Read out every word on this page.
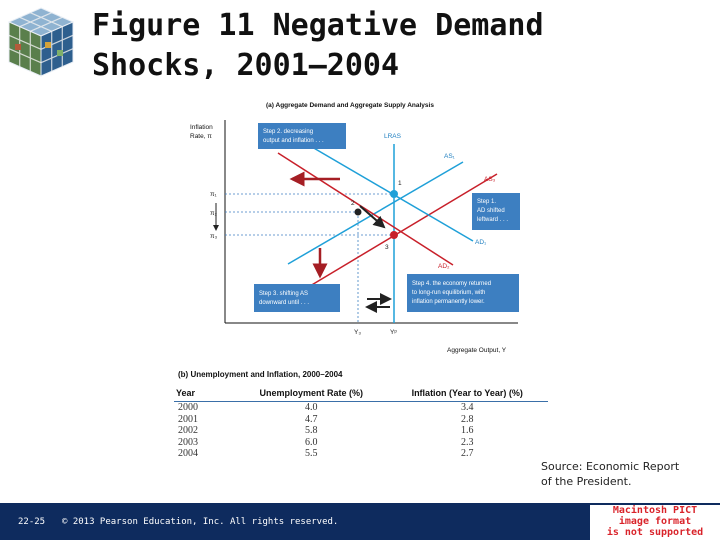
Figure 11 Negative Demand
Shocks, 2001–2004
(a) Aggregate Demand and Aggregate Supply Analysis
Inflation
Rate, π
Aggregate Output, Y
π₁
π₂
π₃
Y₃	Yᵖ
LRAS
AS₁
AS₃
AD₁
AD₂
1
2
3
Step 2. decreasing
output and inflation . . .
Step 1.
AD shifted
leftward . . .
Step 3. shifting AS
downward until . . .
Step 4. the economy returned
to long-run equilibrium, with
inflation permanently lower.
(b) Unemployment and Inflation, 2000–2004
Year	Unemployment Rate (%)	Inflation (Year to Year) (%)
2000	4.0	3.4
2001	4.7	2.8
2002	5.8	1.6
2003	6.0	2.3
2004	5.5	2.7
Source: Economic Report
of the President.
22-25 © 2013 Pearson Education, Inc. All rights reserved.
Macintosh PICT
image format
is not supported
